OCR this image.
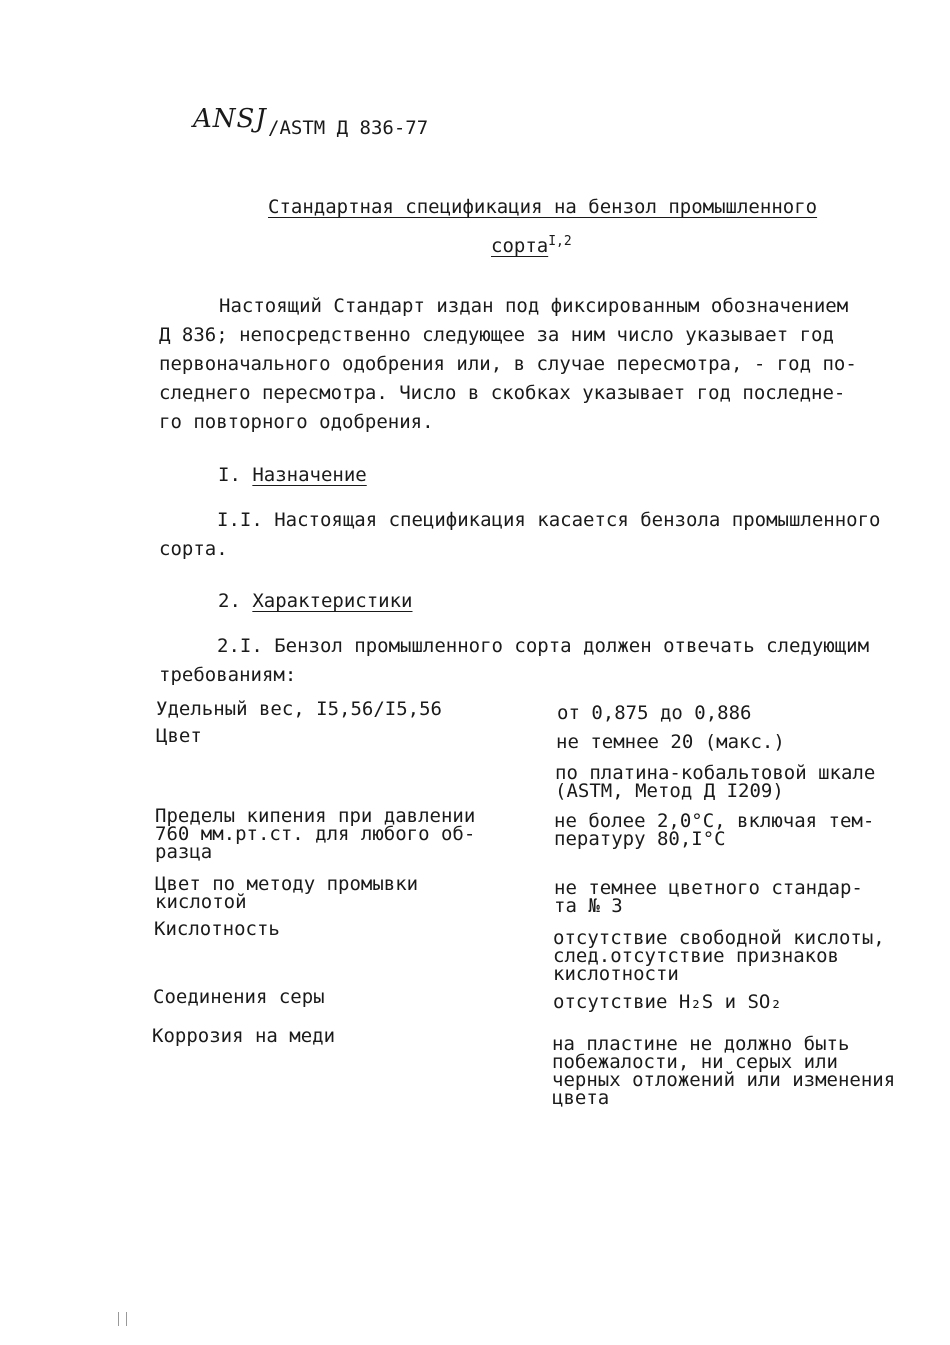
ANSJ /ASTM Д 836-77
Стандартная спецификация на бензол промышленного
сорта$^{I,2}$
Настоящий Стандарт издан под фиксированным обозначением
Д 836; непосредственно следующее за ним число указывает год
первоначального одобрения или, в случае пересмотра, - год по-
следнего пересмотра. Число в скобках указывает год последне-
го повторного одобрения.
I. Назначение
I.I. Настоящая спецификация касается бензола промышленного
сорта.
2. Характеристики
2.I. Бензол промышленного сорта должен отвечать следующим
требованиям:
Удельный вес, I5,56/I5,56
Цвет
Пределы кипения при давлении
760 мм.рт.ст. для любого об-
разца
Цвет по методу промывки
кислотой
Кислотность
Соединения серы
Коррозия на меди
от 0,875 до 0,886
не темнее 20 (макс.)
по платина-кобальтовой шкале
(ASTM, Метод Д I209)
не более 2,0°C, включая тем-
пературу 80,I°C
не темнее цветного стандар-
та № 3
отсутствие свободной кислоты,
след.отсутствие признаков
кислотности
отсутствие H₂S и SO₂
на пластине не должно быть
побежалости, ни серых или
черных отложений или изменения
цвета
